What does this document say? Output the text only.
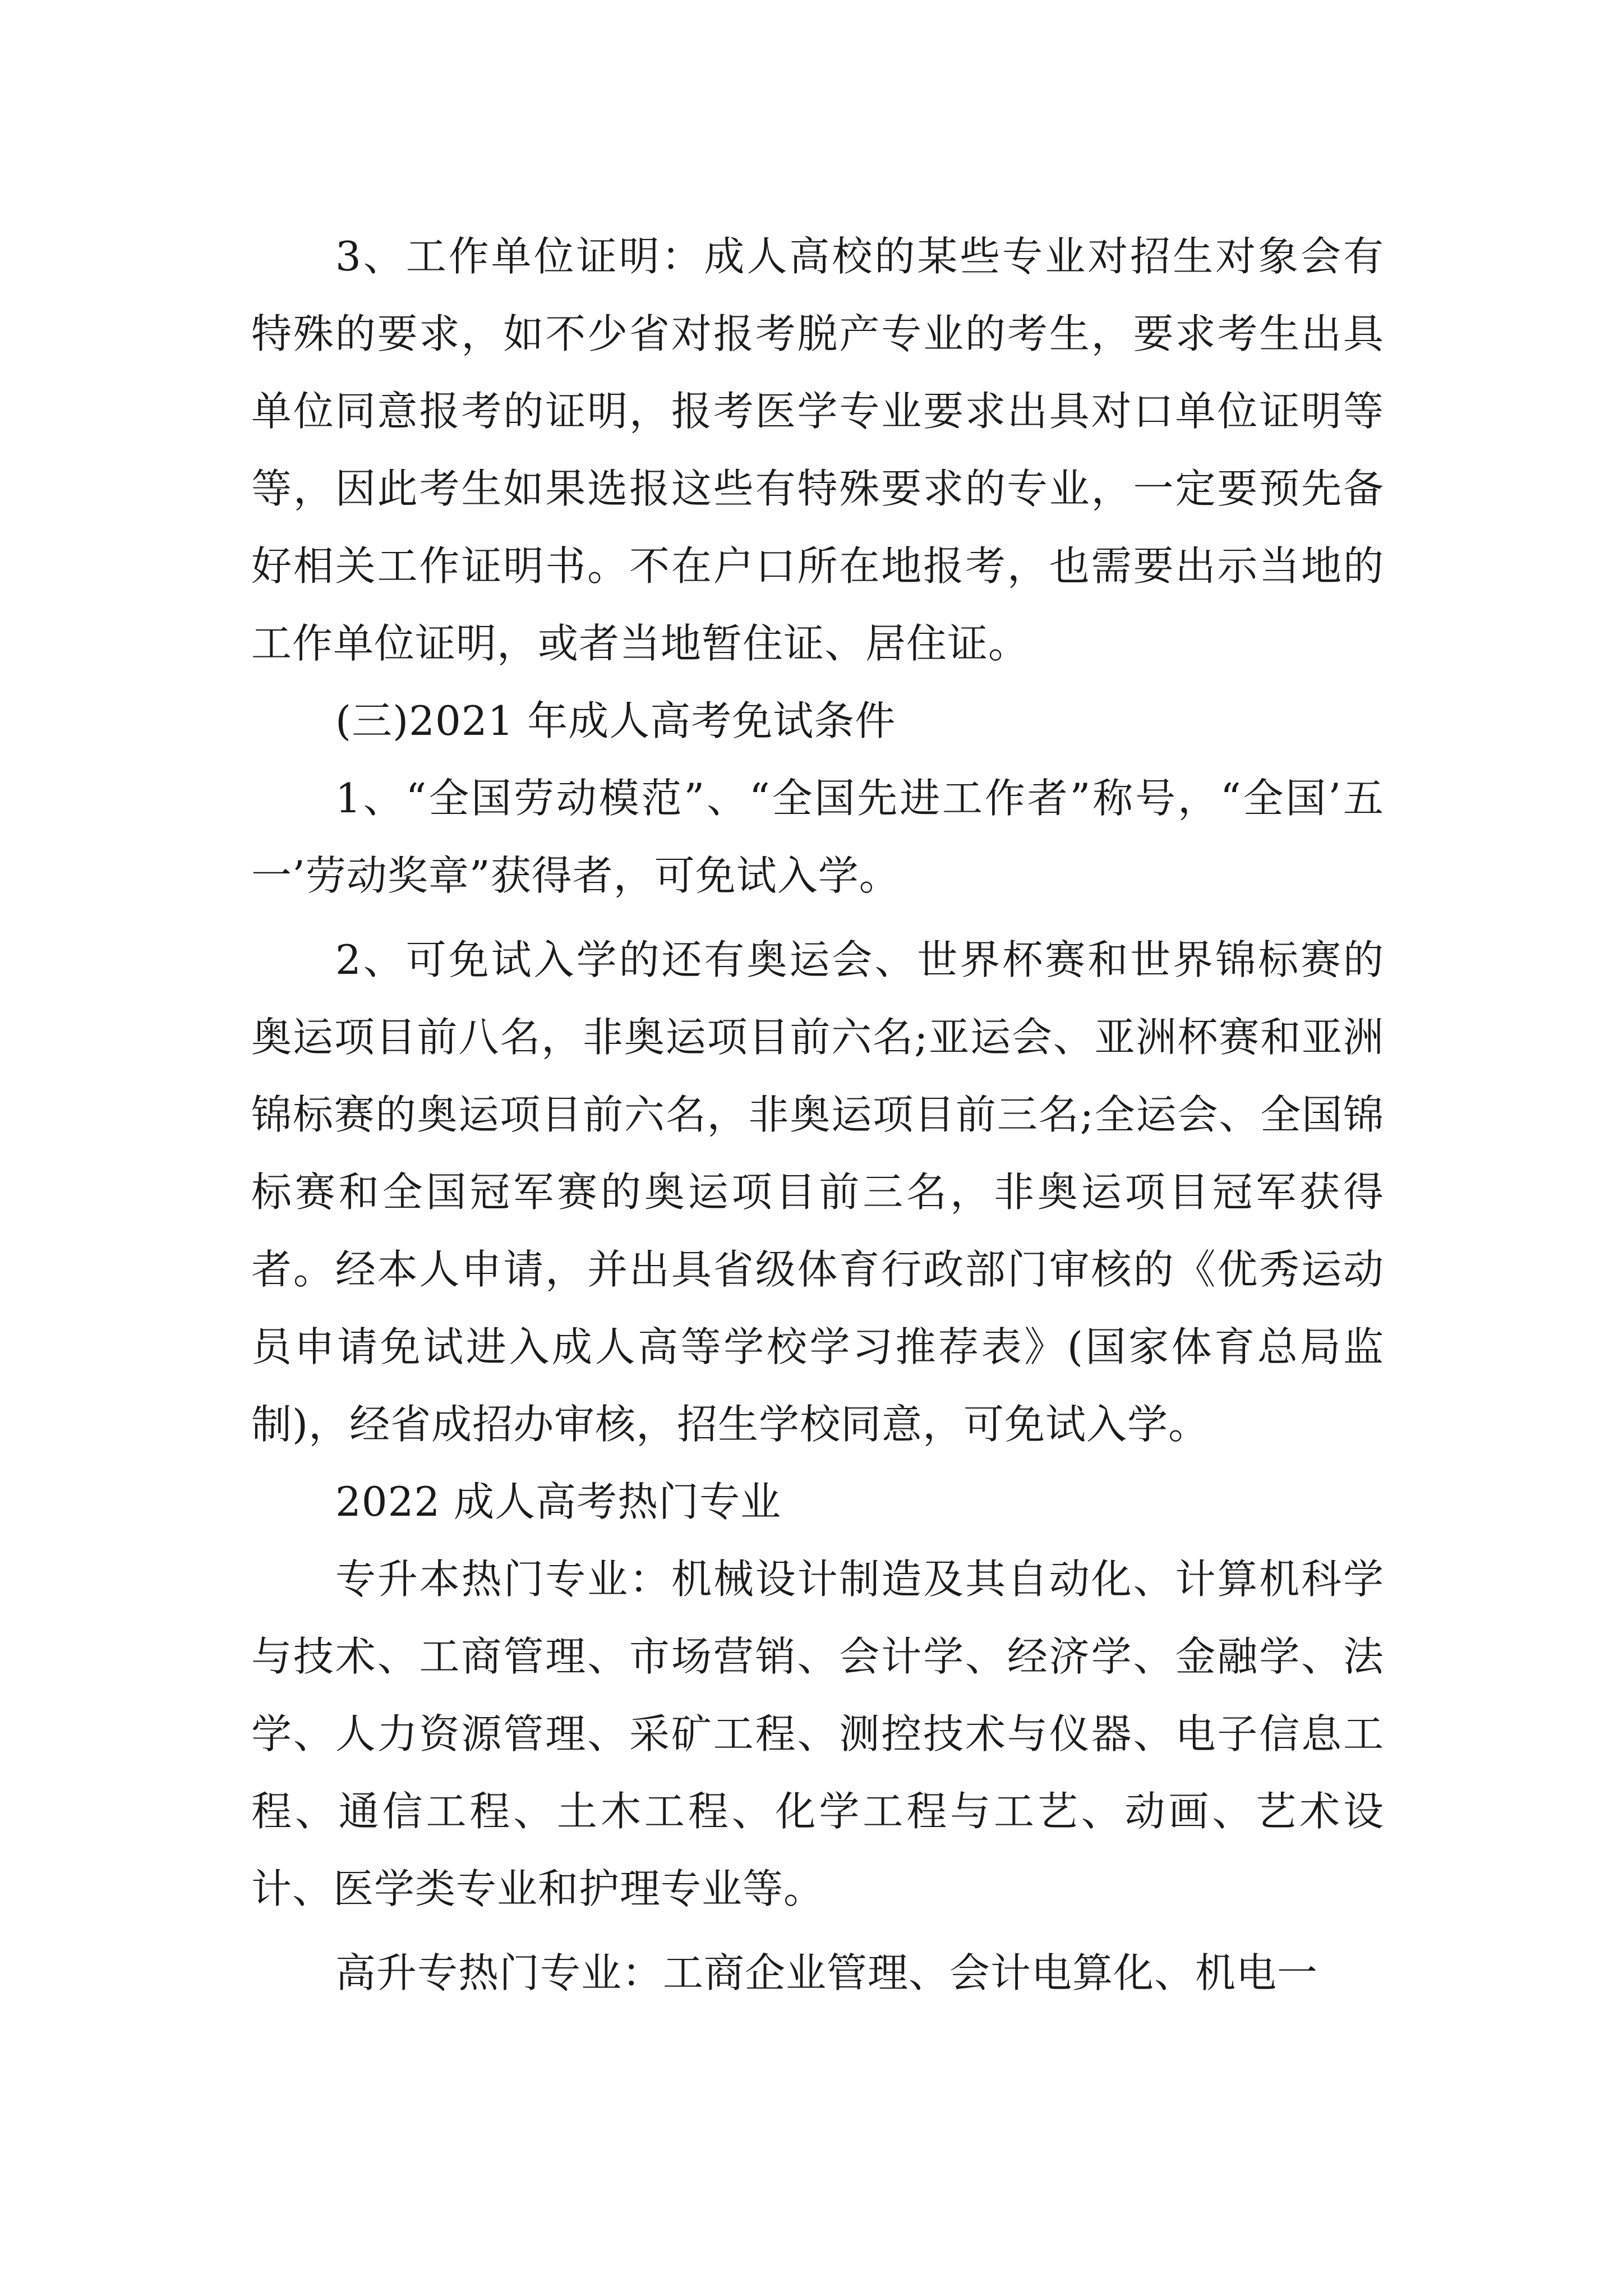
3、工作单位证明：成人高校的某些专业对招生对象会有特殊的要求，如不少省对报考脱产专业的考生，要求考生出具单位同意报考的证明，报考医学专业要求出具对口单位证明等等，因此考生如果选报这些有特殊要求的专业，一定要预先备好相关工作证明书。不在户口所在地报考，也需要出示当地的工作单位证明，或者当地暂住证、居住证。

(三)2021 年成人高考免试条件

1、“全国劳动模范”、“全国先进工作者”称号，“全国’五一’劳动奖章”获得者，可免试入学。

2、可免试入学的还有奥运会、世界杯赛和世界锦标赛的奥运项目前八名，非奥运项目前六名;亚运会、亚洲杯赛和亚洲锦标赛的奥运项目前六名，非奥运项目前三名;全运会、全国锦标赛和全国冠军赛的奥运项目前三名，非奥运项目冠军获得者。经本人申请，并出具省级体育行政部门审核的《优秀运动员申请免试进入成人高等学校学习推荐表》(国家体育总局监制)，经省成招办审核，招生学校同意，可免试入学。

2022 成人高考热门专业

专升本热门专业：机械设计制造及其自动化、计算机科学与技术、工商管理、市场营销、会计学、经济学、金融学、法学、人力资源管理、采矿工程、测控技术与仪器、电子信息工程、通信工程、土木工程、化学工程与工艺、动画、艺术设计、医学类专业和护理专业等。

高升专热门专业：工商企业管理、会计电算化、机电一
